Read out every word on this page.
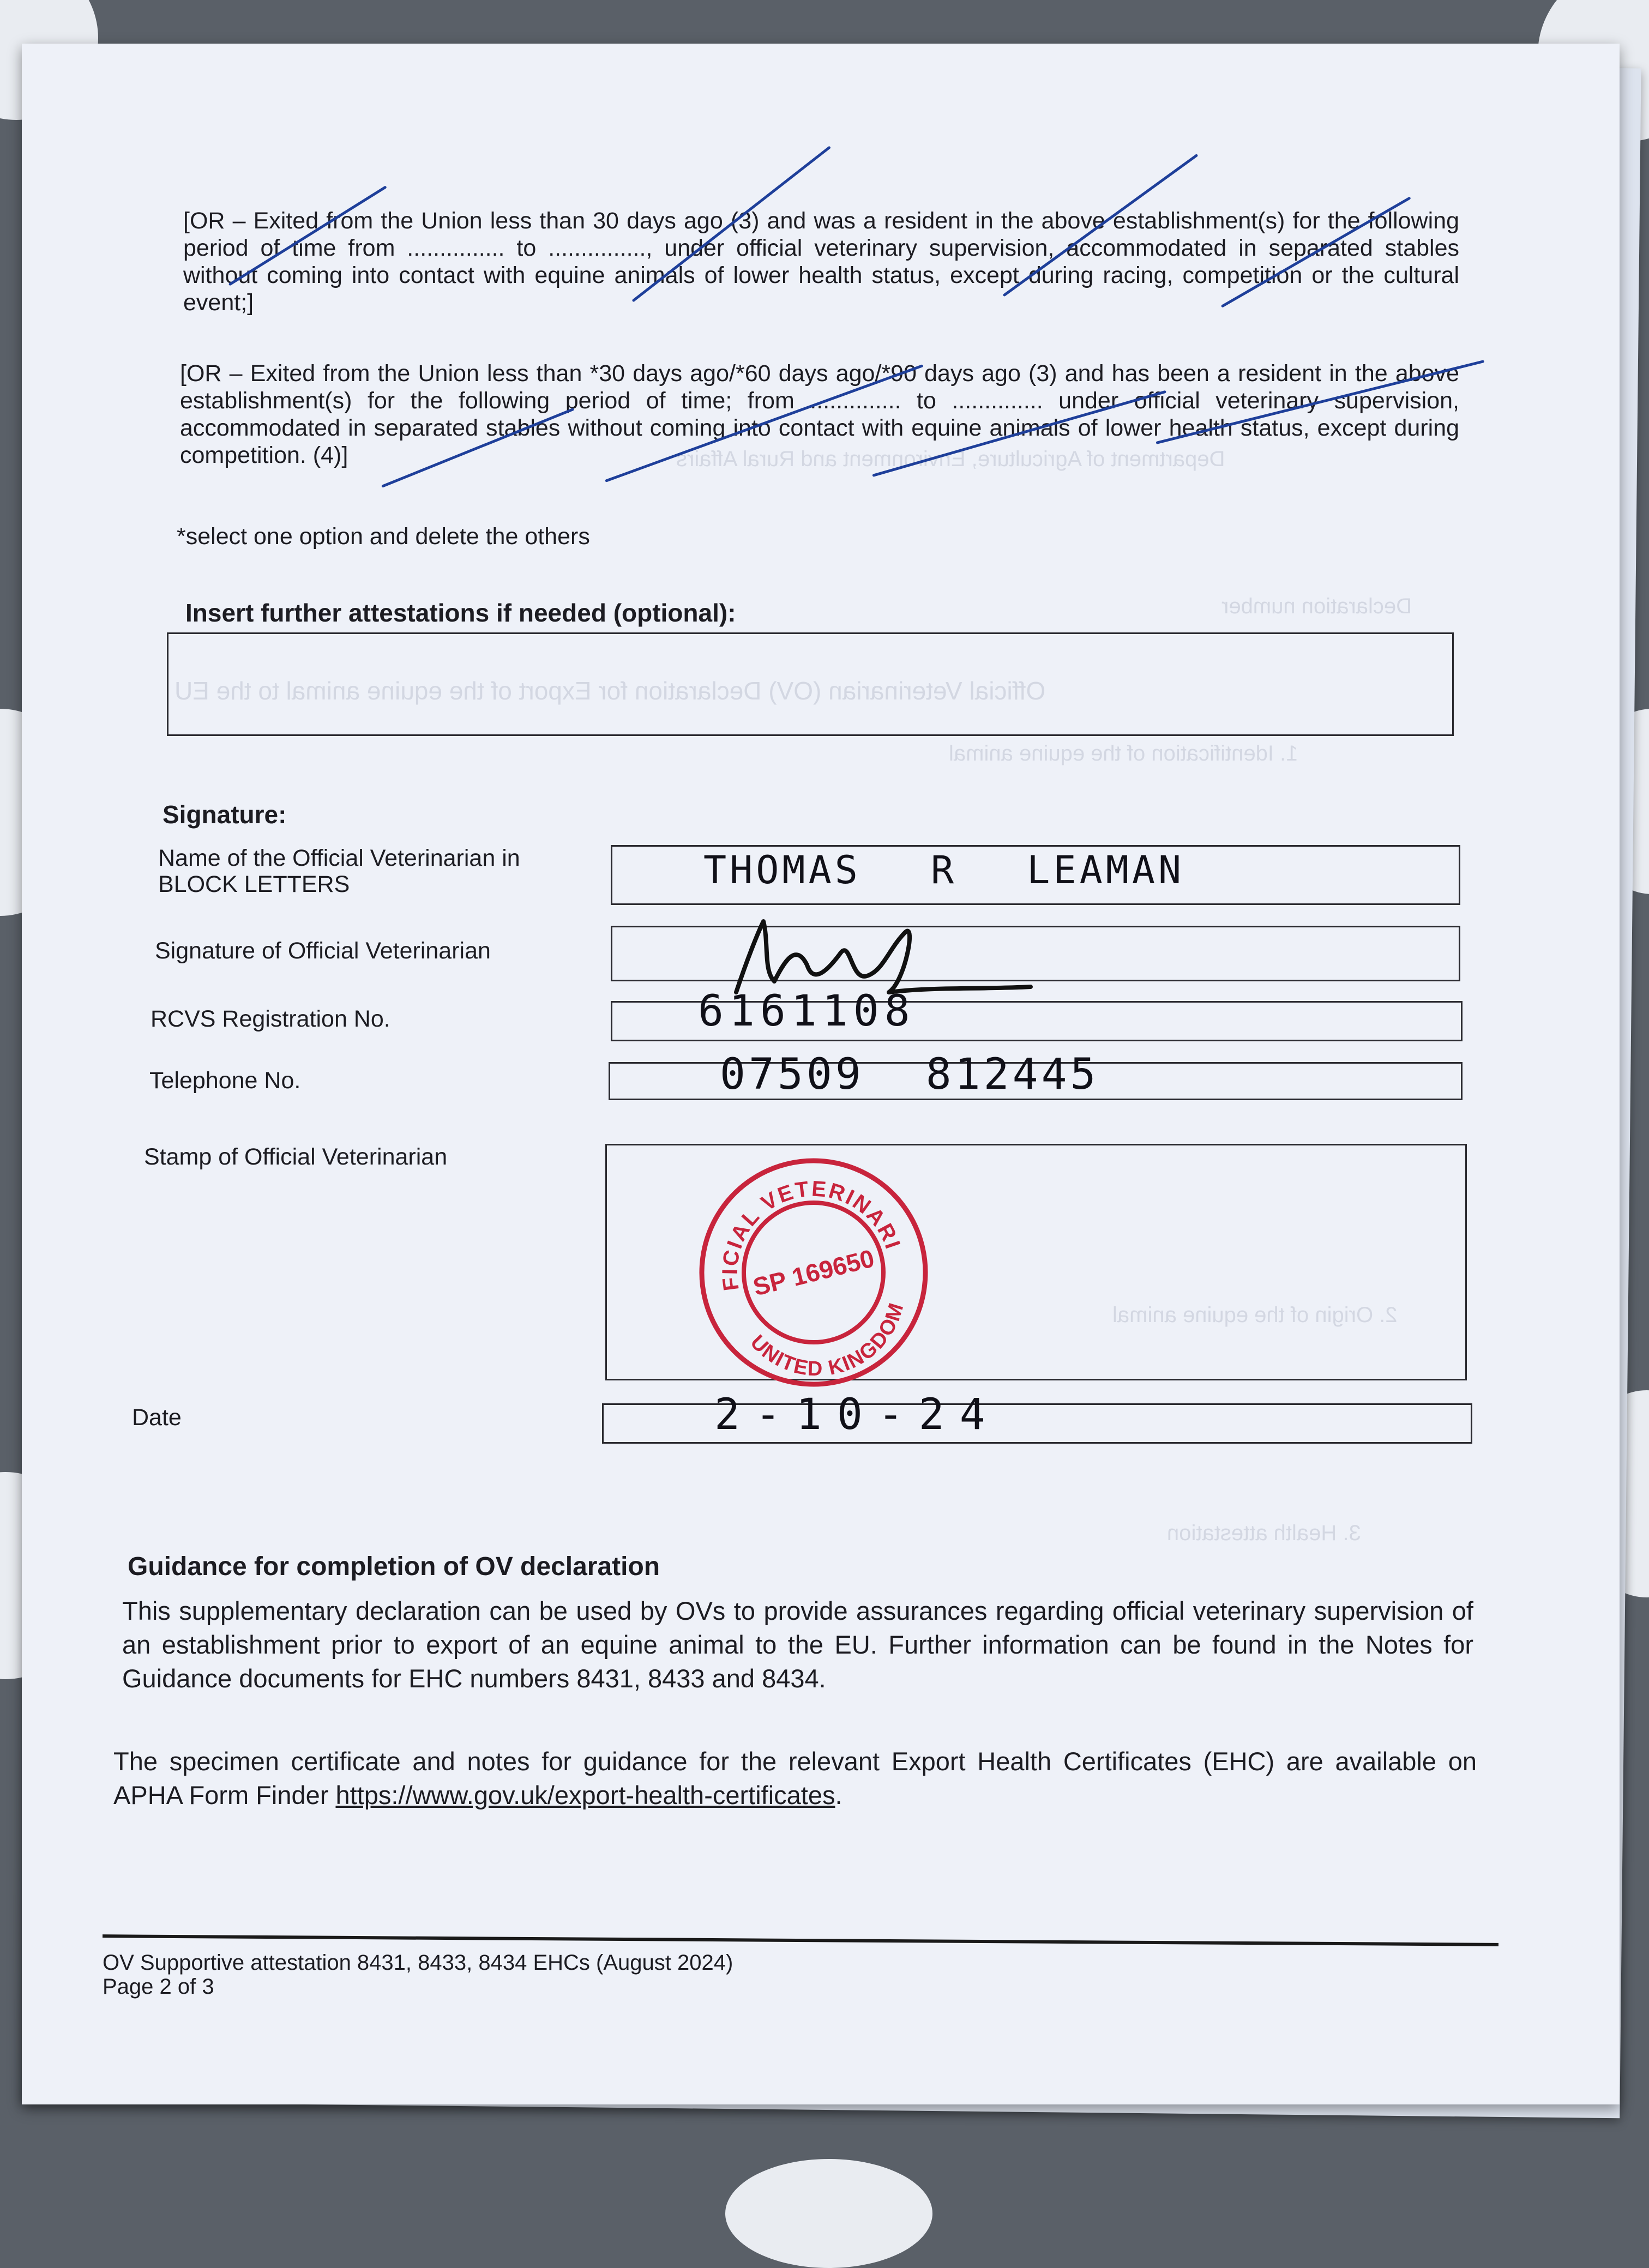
Department of Agriculture, Environment and Rural Affairs
Declaration number
Official Veterinarian (OV) Declaration for Export of the equine animal to the EU
1. Identification of the equine animal
2. Origin of the equine animal
3. Health attestation
[OR – Exited from the Union less than 30 days ago (3) and was a resident in the above establishment(s) for the following period of time from ............... to ..............., under official veterinary supervision, accommodated in separated stables without coming into contact with equine animals of lower health status, except during racing, competition or the cultural event;]
[OR – Exited from the Union less than *30 days ago/*60 days ago/*90 days ago (3) and has been a resident in the above establishment(s) for the following period of time; from .............. to .............. under official veterinary supervision, accommodated in separated stables without coming into contact with equine animals of lower health status, except during competition. (4)]
*select one option and delete the others
Insert further attestations if needed (optional):
Signature:
Name of the Official Veterinarian in BLOCK LETTERS	THOMAS R LEAMAN
Signature of Official Veterinarian
RCVS Registration No.	6161108
Telephone No.	07509 812445
Stamp of Official Veterinarian
OFFICIAL VETERINARIAN
UNITED KINGDOM
SP 169650
Date	2-10-24
Guidance for completion of OV declaration
This supplementary declaration can be used by OVs to provide assurances regarding official veterinary supervision of an establishment prior to export of an equine animal to the EU. Further information can be found in the Notes for Guidance documents for EHC numbers 8431, 8433 and 8434.
The specimen certificate and notes for guidance for the relevant Export Health Certificates (EHC) are available on APHA Form Finder https://www.gov.uk/export-health-certificates.
OV Supportive attestation 8431, 8433, 8434 EHCs (August 2024)
Page 2 of 3
